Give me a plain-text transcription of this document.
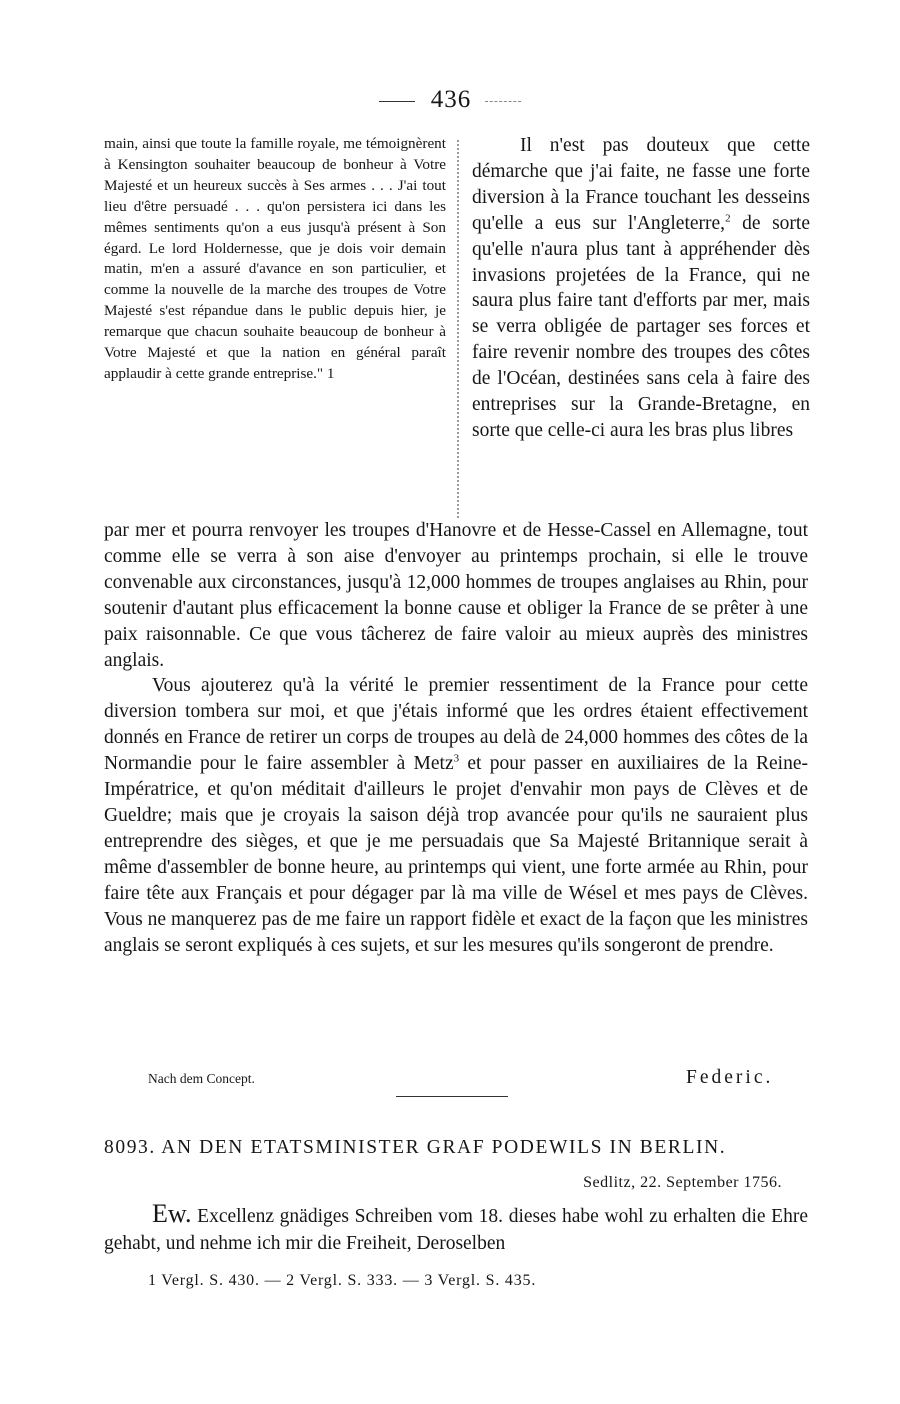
436
main, ainsi que toute la famille royale, me témoignèrent à Kensington souhaiter beaucoup de bonheur à Votre Majesté et un heureux succès à Ses armes . . . J'ai tout lieu d'être persuadé . . . qu'on persistera ici dans les mêmes sentiments qu'on a eus jusqu'à présent à Son égard. Le lord Holdernesse, que je dois voir demain matin, m'en a assuré d'avance en son particulier, et comme la nouvelle de la marche des troupes de Votre Majesté s'est répandue dans le public depuis hier, je remarque que chacun souhaite beaucoup de bonheur à Votre Majesté et que la nation en général paraît applaudir à cette grande entreprise." 1

Il n'est pas douteux que cette démarche que j'ai faite, ne fasse une forte diversion à la France touchant les desseins qu'elle a eus sur l'Angleterre,$^2$ de sorte qu'elle n'aura plus tant à appréhender dès invasions projetées de la France, qui ne saura plus faire tant d'efforts par mer, mais se verra obligée de partager ses forces et faire revenir nombre des troupes des côtes de l'Océan, destinées sans cela à faire des entreprises sur la Grande-Bretagne, en sorte que celle-ci aura les bras plus libres

par mer et pourra renvoyer les troupes d'Hanovre et de Hesse-Cassel en Allemagne, tout comme elle se verra à son aise d'envoyer au printemps prochain, si elle le trouve convenable aux circonstances, jusqu'à 12,000 hommes de troupes anglaises au Rhin, pour soutenir d'autant plus efficacement la bonne cause et obliger la France de se prêter à une paix raisonnable. Ce que vous tâcherez de faire valoir au mieux auprès des ministres anglais.

Vous ajouterez qu'à la vérité le premier ressentiment de la France pour cette diversion tombera sur moi, et que j'étais informé que les ordres étaient effectivement donnés en France de retirer un corps de troupes au delà de 24,000 hommes des côtes de la Normandie pour le faire assembler à Metz$^3$ et pour passer en auxiliaires de la Reine-Impératrice, et qu'on méditait d'ailleurs le projet d'envahir mon pays de Clèves et de Gueldre; mais que je croyais la saison déjà trop avancée pour qu'ils ne sauraient plus entreprendre des sièges, et que je me persuadais que Sa Majesté Britannique serait à même d'assembler de bonne heure, au printemps qui vient, une forte armée au Rhin, pour faire tête aux Français et pour dégager par là ma ville de Wésel et mes pays de Clèves. Vous ne manquerez pas de me faire un rapport fidèle et exact de la façon que les ministres anglais se seront expliqués à ces sujets, et sur les mesures qu'ils songeront de prendre.

Nach dem Concept.	Federic.
8093. AN DEN ETATSMINISTER GRAF PODEWILS IN BERLIN.
Sedlitz, 22. September 1756.

Ew. Excellenz gnädiges Schreiben vom 18. dieses habe wohl zu erhalten die Ehre gehabt, und nehme ich mir die Freiheit, Deroselben

1 Vergl. S. 430. — 2 Vergl. S. 333. — 3 Vergl. S. 435.
